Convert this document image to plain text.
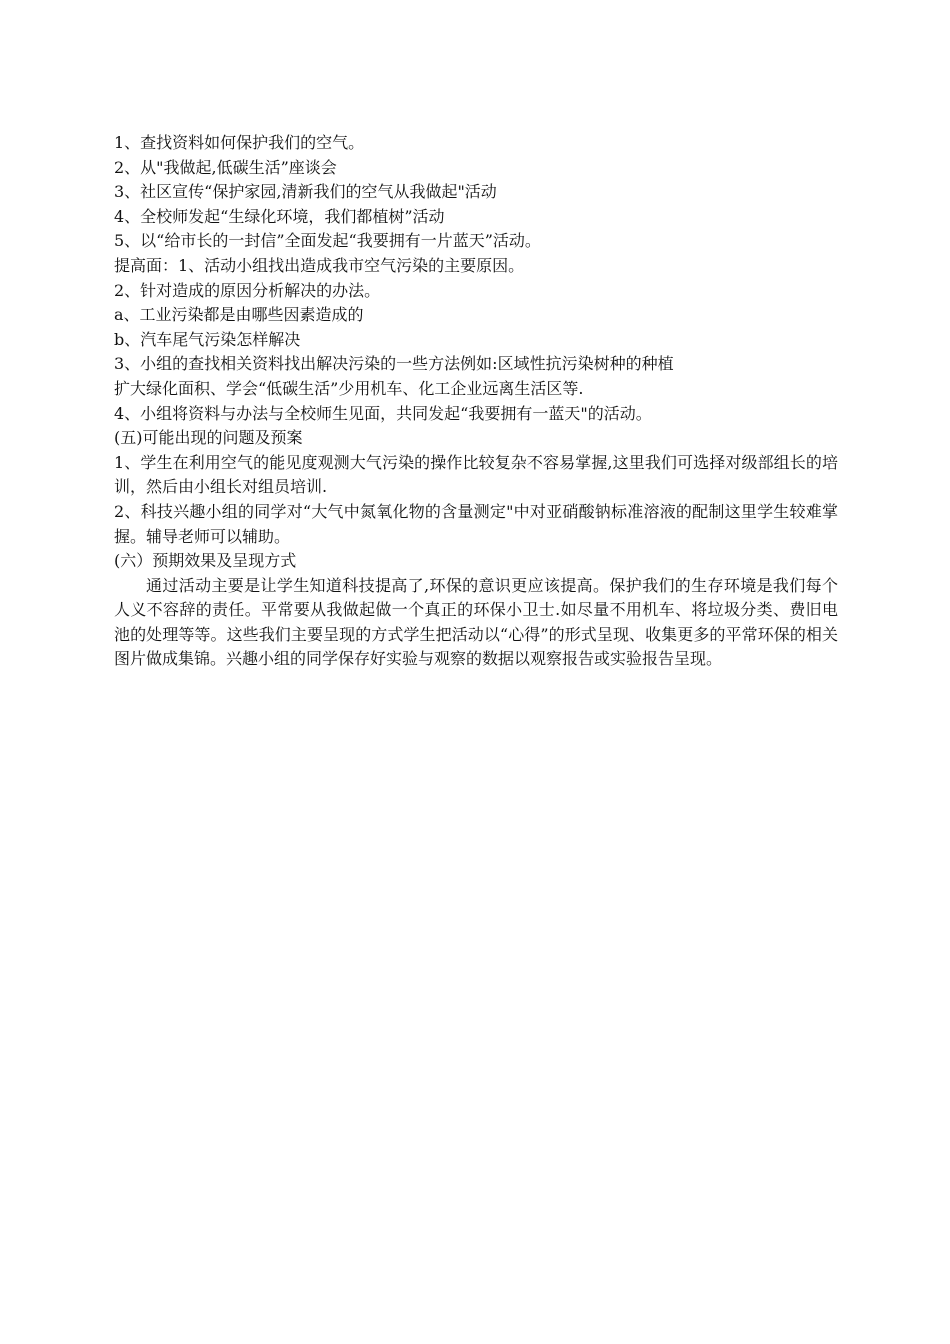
1、查找资料如何保护我们的空气。

2、从"我做起,低碳生活”座谈会

3、社区宣传“保护家园,清新我们的空气从我做起"活动

4、全校师发起“生绿化环境，我们都植树”活动

5、以“给市长的一封信”全面发起“我要拥有一片蓝天”活动。

提高面：1、活动小组找出造成我市空气污染的主要原因。

2、针对造成的原因分析解决的办法。

a、工业污染都是由哪些因素造成的

b、汽车尾气污染怎样解决

3、小组的查找相关资料找出解决污染的一些方法例如:区域性抗污染树种的种植

扩大绿化面积、学会“低碳生活”少用机车、化工企业远离生活区等.

4、小组将资料与办法与全校师生见面，共同发起“我要拥有一蓝天"的活动。

(五)可能出现的问题及预案

1、学生在利用空气的能见度观测大气污染的操作比较复杂不容易掌握,这里我们可选择对级部组长的培训，然后由小组长对组员培训.

2、科技兴趣小组的同学对“大气中氮氧化物的含量测定"中对亚硝酸钠标准溶液的配制这里学生较难掌握。辅导老师可以辅助。

(六）预期效果及呈现方式

通过活动主要是让学生知道科技提高了,环保的意识更应该提高。保护我们的生存环境是我们每个人义不容辞的责任。平常要从我做起做一个真正的环保小卫士.如尽量不用机车、将垃圾分类、费旧电池的处理等等。这些我们主要呈现的方式学生把活动以“心得”的形式呈现、收集更多的平常环保的相关图片做成集锦。兴趣小组的同学保存好实验与观察的数据以观察报告或实验报告呈现。
